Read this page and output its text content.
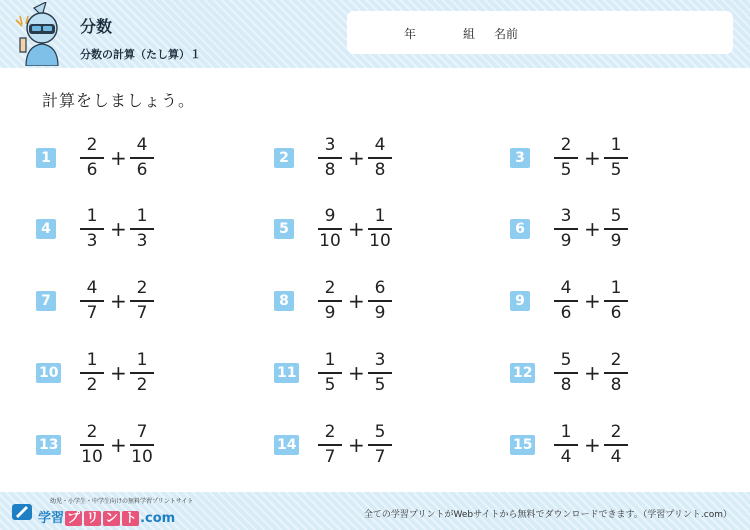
分数
分数の計算（たし算）１
年	組 名前
計算をしましょう。
1
2
6 +
4
6
2
3
8 +
4
8
3
2
5 +
1
5
4
1
3 +
1
3
5
9
10 +
1
10
6
3
9 +
5
9
7
4
7 +
2
7
8
2
9 +
6
9
9
4
6 +
1
6
10
1
2 +
1
2
11
1
5 +
3
5
12
5
8 +
2
8
13
2
10 +
7
10
14
2
7 +
5
7
15
1
4 +
2
4
幼児・小学生・中学生向けの無料学習プリントサイト
学習 プ リ ン ト .com	全ての学習プリントがWebサイトから無料でダウンロードできます。（学習プリント.com）
